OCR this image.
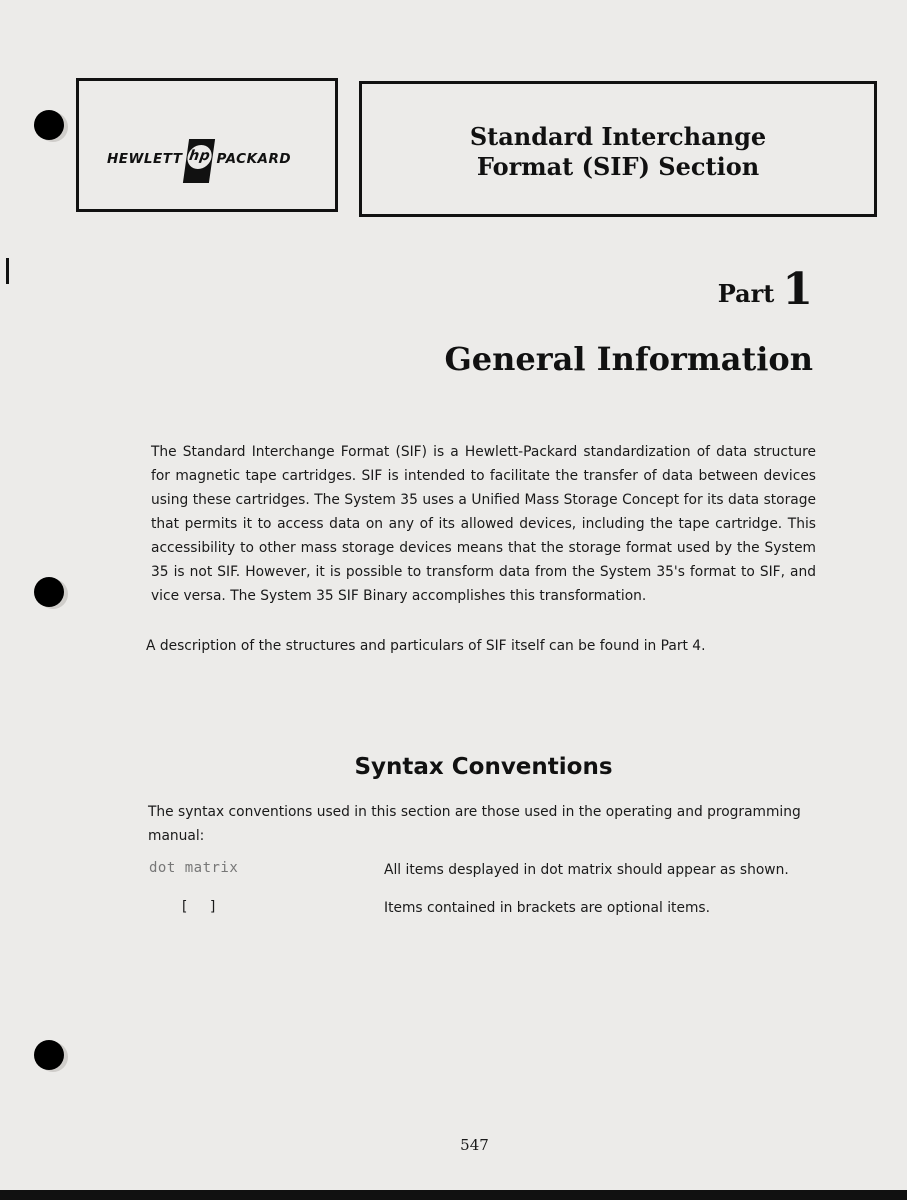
HEWLETT hp PACKARD
Standard Interchange
Format (SIF) Section
Part 1
General Information

The Standard Interchange Format (SIF) is a Hewlett-Packard standardization of data structure for magnetic tape cartridges. SIF is intended to facilitate the transfer of data between devices using these cartridges. The System 35 uses a Unified Mass Storage Concept for its data storage that permits it to access data on any of its allowed devices, including the tape cartridge. This accessibility to other mass storage devices means that the storage format used by the System 35 is not SIF. However, it is possible to transform data from the System 35's format to SIF, and vice versa. The System 35 SIF Binary accomplishes this transformation.

A description of the structures and particulars of SIF itself can be found in Part 4.

Syntax Conventions

The syntax conventions used in this section are those used in the operating and programming manual:

dot matrix	All items desplayed in dot matrix should appear as shown.
[ ]	Items contained in brackets are optional items.
547
